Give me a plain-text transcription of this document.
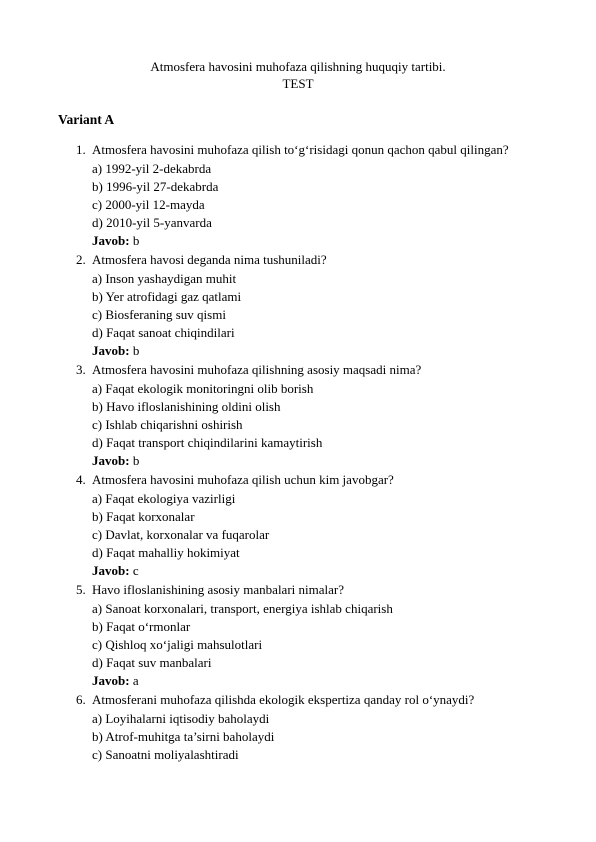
Atmosfera havosini muhofaza qilishning huquqiy tartibi.
TEST
Variant A
1. Atmosfera havosini muhofaza qilish to‘g‘risidagi qonun qachon qabul qilingan?
a) 1992-yil 2-dekabrda
b) 1996-yil 27-dekabrda
c) 2000-yil 12-mayda
d) 2010-yil 5-yanvarda
Javob: b
2. Atmosfera havosi deganda nima tushuniladi?
a) Inson yashaydigan muhit
b) Yer atrofidagi gaz qatlami
c) Biosferaning suv qismi
d) Faqat sanoat chiqindilari
Javob: b
3. Atmosfera havosini muhofaza qilishning asosiy maqsadi nima?
a) Faqat ekologik monitoringni olib borish
b) Havo ifloslanishining oldini olish
c) Ishlab chiqarishni oshirish
d) Faqat transport chiqindilarini kamaytirish
Javob: b
4. Atmosfera havosini muhofaza qilish uchun kim javobgar?
a) Faqat ekologiya vazirligi
b) Faqat korxonalar
c) Davlat, korxonalar va fuqarolar
d) Faqat mahalliy hokimiyat
Javob: c
5. Havo ifloslanishining asosiy manbalari nimalar?
a) Sanoat korxonalari, transport, energiya ishlab chiqarish
b) Faqat o‘rmonlar
c) Qishloq xo‘jaligi mahsulotlari
d) Faqat suv manbalari
Javob: a
6. Atmosferani muhofaza qilishda ekologik ekspertiza qanday rol o‘ynaydi?
a) Loyihalarni iqtisodiy baholaydi
b) Atrof-muhitga ta’sirni baholaydi
c) Sanoatni moliyalashtiradi
